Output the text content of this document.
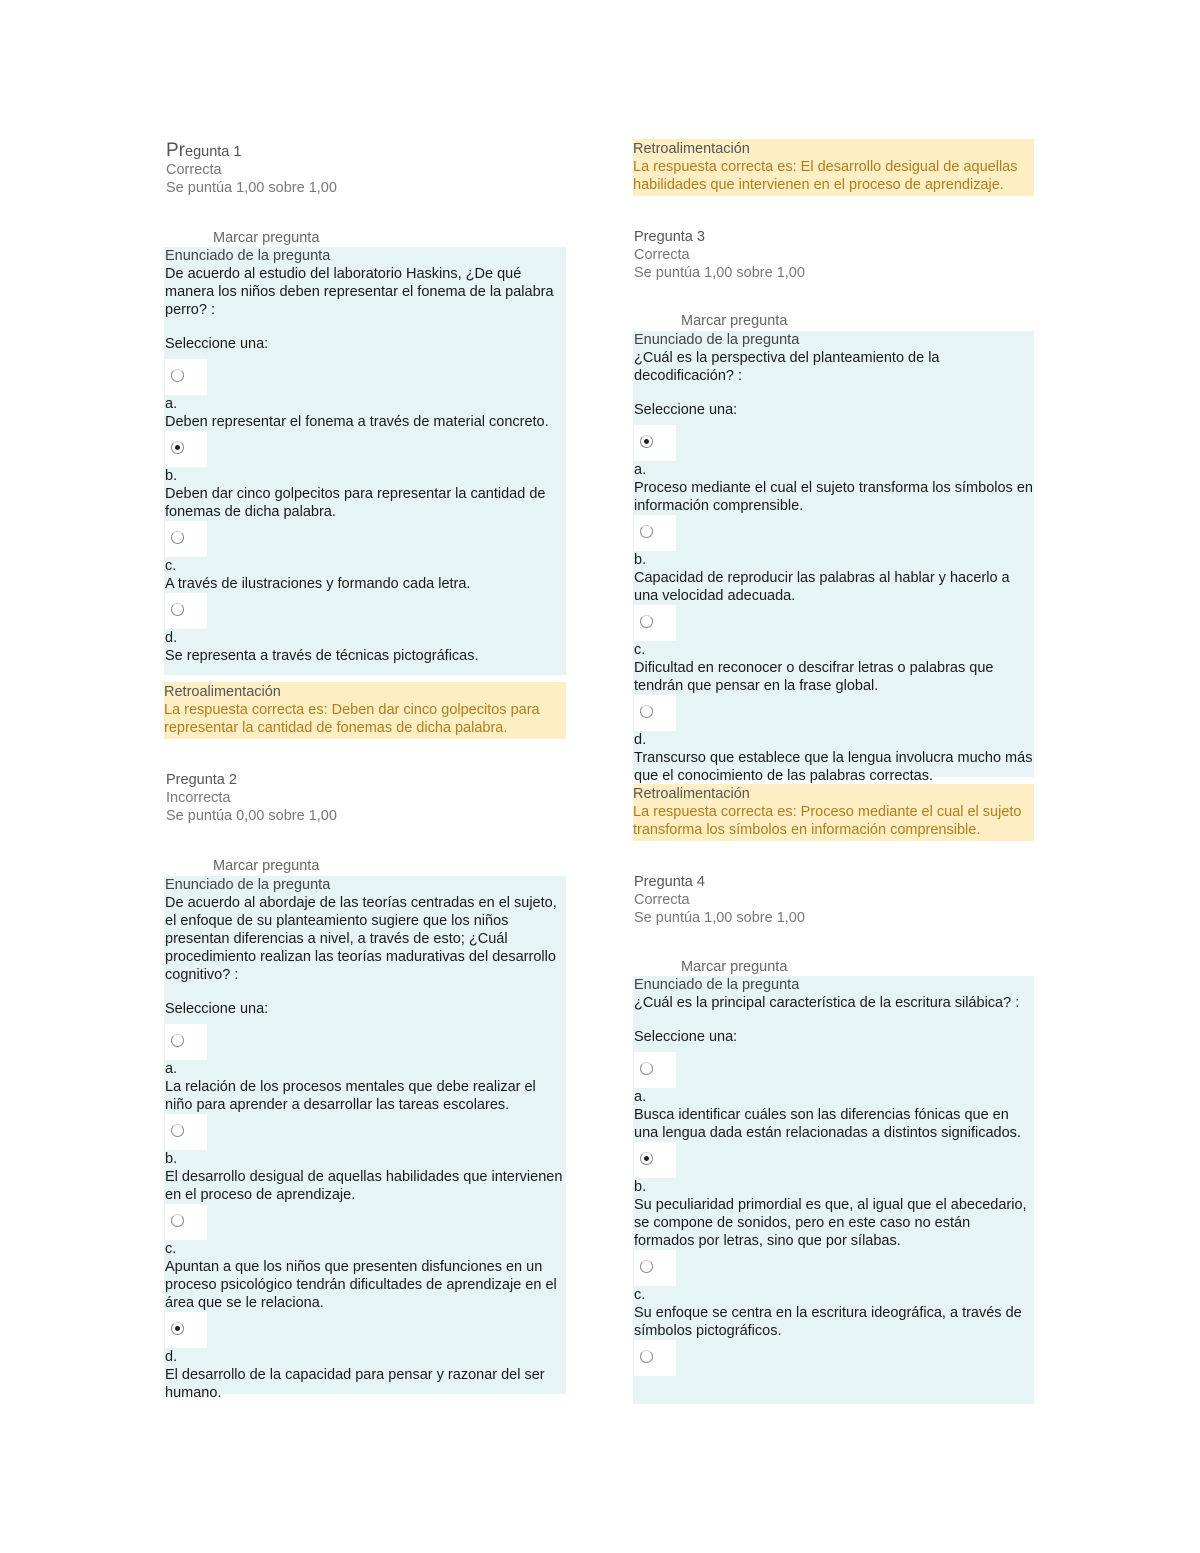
Pregunta 1
Correcta
Se puntúa 1,00 sobre 1,00
Marcar pregunta
Enunciado de la pregunta

De acuerdo al estudio del laboratorio Haskins, ¿De qué manera los niños deben representar el fonema de la palabra perro? :

Seleccione una:
a.
Deben representar el fonema a través de material concreto.
b.
Deben dar cinco golpecitos para representar la cantidad de fonemas de dicha palabra.
c.
A través de ilustraciones y formando cada letra.
d.
Se representa a través de técnicas pictográficas.
Retroalimentación
La respuesta correcta es: Deben dar cinco golpecitos para representar la cantidad de fonemas de dicha palabra.
Pregunta 2
Incorrecta
Se puntúa 0,00 sobre 1,00
Marcar pregunta
Enunciado de la pregunta

De acuerdo al abordaje de las teorías centradas en el sujeto, el enfoque de su planteamiento sugiere que los niños presentan diferencias a nivel, a través de esto; ¿Cuál procedimiento realizan las teorías madurativas del desarrollo cognitivo? :

Seleccione una:
a.
La relación de los procesos mentales que debe realizar el niño para aprender a desarrollar las tareas escolares.
b.
El desarrollo desigual de aquellas habilidades que intervienen en el proceso de aprendizaje.
c.
Apuntan a que los niños que presenten disfunciones en un proceso psicológico tendrán dificultades de aprendizaje en el área que se le relaciona.
d.
El desarrollo de la capacidad para pensar y razonar del ser humano.
Retroalimentación
La respuesta correcta es: El desarrollo desigual de aquellas habilidades que intervienen en el proceso de aprendizaje.
Pregunta 3
Correcta
Se puntúa 1,00 sobre 1,00
Marcar pregunta
Enunciado de la pregunta

¿Cuál es la perspectiva del planteamiento de la decodificación? :

Seleccione una:
a.
Proceso mediante el cual el sujeto transforma los símbolos en información comprensible.
b.
Capacidad de reproducir las palabras al hablar y hacerlo a una velocidad adecuada.
c.
Dificultad en reconocer o descifrar letras o palabras que tendrán que pensar en la frase global.
d.
Transcurso que establece que la lengua involucra mucho más que el conocimiento de las palabras correctas.
Retroalimentación
La respuesta correcta es: Proceso mediante el cual el sujeto transforma los símbolos en información comprensible.
Pregunta 4
Correcta
Se puntúa 1,00 sobre 1,00
Marcar pregunta
Enunciado de la pregunta

¿Cuál es la principal característica de la escritura silábica? :

Seleccione una:
a.
Busca identificar cuáles son las diferencias fónicas que en una lengua dada están relacionadas a distintos significados.
b.
Su peculiaridad primordial es que, al igual que el abecedario, se compone de sonidos, pero en este caso no están formados por letras, sino que por sílabas.
c.
Su enfoque se centra en la escritura ideográfica, a través de símbolos pictográficos.
